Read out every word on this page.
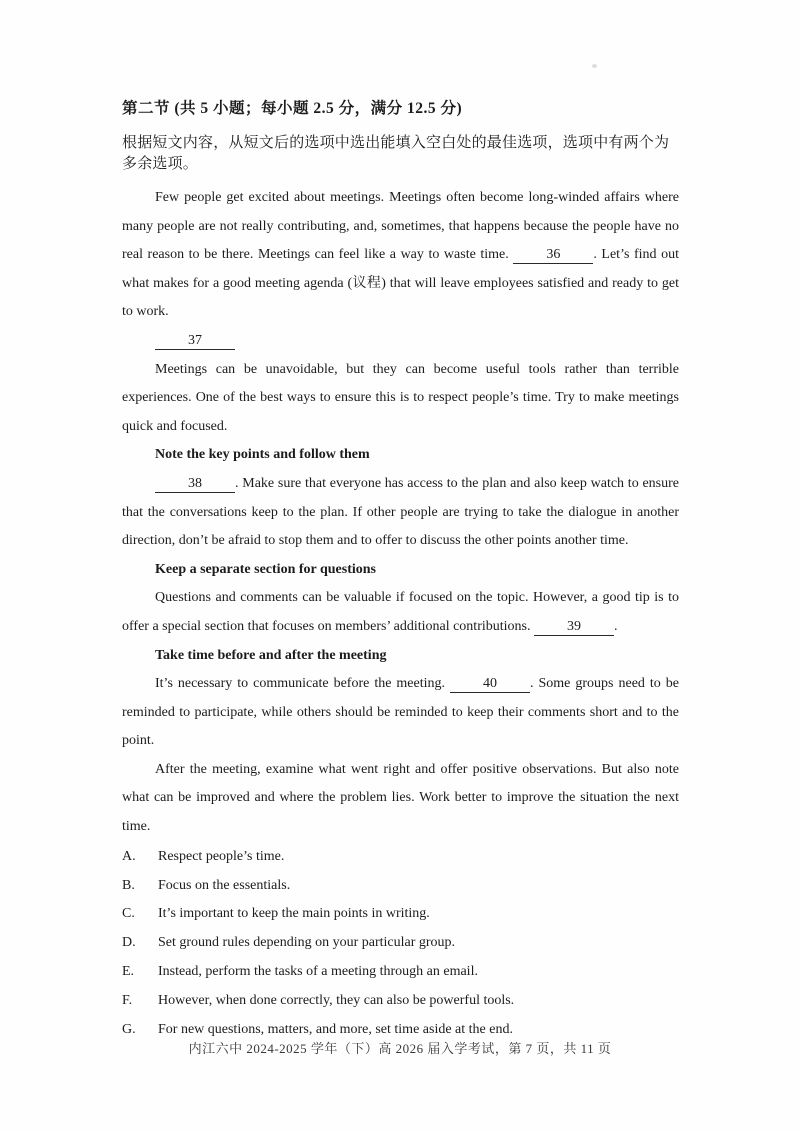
第二节 (共 5 小题；每小题 2.5 分，满分 12.5 分)
根据短文内容，从短文后的选项中选出能填入空白处的最佳选项，选项中有两个为多余选项。

Few people get excited about meetings. Meetings often become long-winded affairs where many people are not really contributing, and, sometimes, that happens because the people have no real reason to be there. Meetings can feel like a way to waste time. 36 . Let’s find out what makes for a good meeting agenda (议程) that will leave employees satisfied and ready to get to work.

37

Meetings can be unavoidable, but they can become useful tools rather than terrible experiences. One of the best ways to ensure this is to respect people’s time. Try to make meetings quick and focused.

Note the key points and follow them

38 . Make sure that everyone has access to the plan and also keep watch to ensure that the conversations keep to the plan. If other people are trying to take the dialogue in another direction, don’t be afraid to stop them and to offer to discuss the other points another time.

Keep a separate section for questions

Questions and comments can be valuable if focused on the topic. However, a good tip is to offer a special section that focuses on members’ additional contributions. 39 .

Take time before and after the meeting

It’s necessary to communicate before the meeting. 40 . Some groups need to be reminded to participate, while others should be reminded to keep their comments short and to the point.

After the meeting, examine what went right and offer positive observations. But also note what can be improved and where the problem lies. Work better to improve the situation the next time.

A. Respect people’s time.
B. Focus on the essentials.
C. It’s important to keep the main points in writing.
D. Set ground rules depending on your particular group.
E. Instead, perform the tasks of a meeting through an email.
F. However, when done correctly, they can also be powerful tools.
G. For new questions, matters, and more, set time aside at the end.
内江六中 2024-2025 学年（下）高 2026 届入学考试，第 7 页，共 11 页
